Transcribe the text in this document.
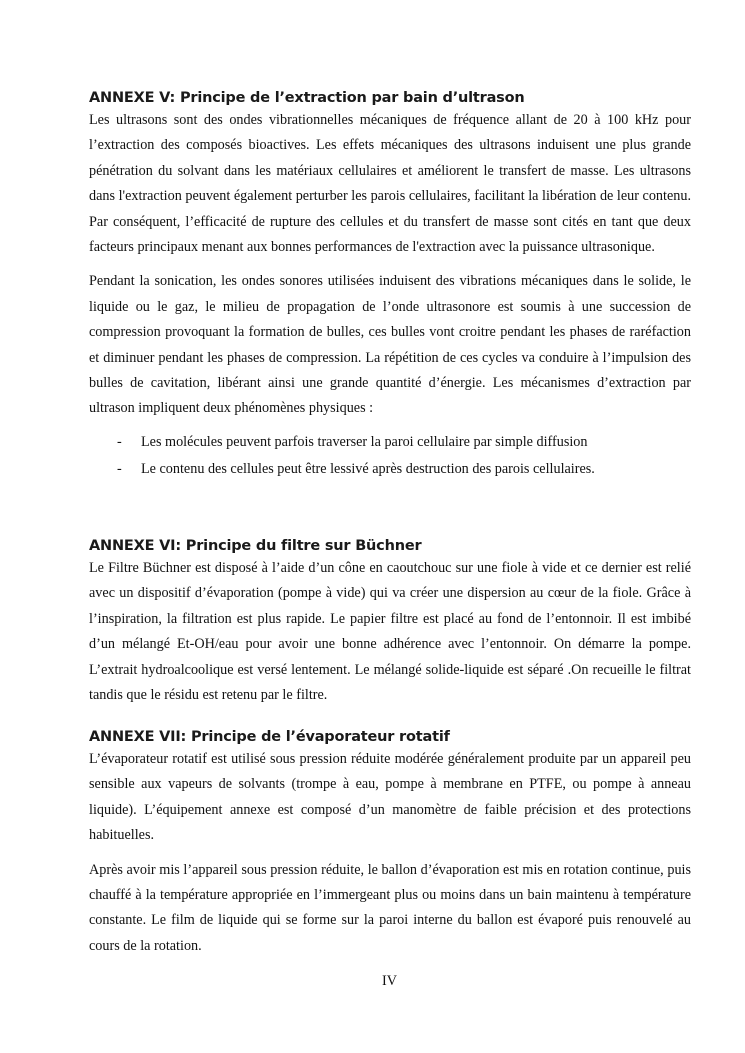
ANNEXE V: Principe de l’extraction par bain d’ultrason

Les ultrasons sont des ondes vibrationnelles mécaniques de fréquence allant de 20 à 100 kHz pour l’extraction des composés bioactives. Les effets mécaniques des ultrasons induisent une plus grande pénétration du solvant dans les matériaux cellulaires et améliorent le transfert de masse. Les ultrasons dans l'extraction peuvent également perturber les parois cellulaires, facilitant la libération de leur contenu. Par conséquent, l’efficacité de rupture des cellules et du transfert de masse sont cités en tant que deux facteurs principaux menant aux bonnes performances de l'extraction avec la puissance ultrasonique.

Pendant la sonication, les ondes sonores utilisées induisent des vibrations mécaniques dans le solide, le liquide ou le gaz, le milieu de propagation de l’onde ultrasonore est soumis à une succession de compression provoquant la formation de bulles, ces bulles vont croitre pendant les phases de raréfaction et diminuer pendant les phases de compression. La répétition de ces cycles va conduire à l’impulsion des bulles de cavitation, libérant ainsi une grande quantité d’énergie. Les mécanismes d’extraction par ultrason impliquent deux phénomènes physiques :

- Les molécules peuvent parfois traverser la paroi cellulaire par simple diffusion
- Le contenu des cellules peut être lessivé après destruction des parois cellulaires.
ANNEXE VI: Principe du filtre sur Büchner

Le Filtre Büchner est disposé à l’aide d’un cône en caoutchouc sur une fiole à vide et ce dernier est relié avec un dispositif d’évaporation (pompe à vide) qui va créer une dispersion au cœur de la fiole. Grâce à l’inspiration, la filtration est plus rapide. Le papier filtre est placé au fond de l’entonnoir. Il est imbibé d’un mélangé Et-OH/eau pour avoir une bonne adhérence avec l’entonnoir. On démarre la pompe. L’extrait hydroalcoolique est versé lentement. Le mélangé solide-liquide est séparé .On recueille le filtrat tandis que le résidu est retenu par le filtre.

ANNEXE VII: Principe de l’évaporateur rotatif

L’évaporateur rotatif est utilisé sous pression réduite modérée généralement produite par un appareil peu sensible aux vapeurs de solvants (trompe à eau, pompe à membrane en PTFE, ou pompe à anneau liquide). L’équipement annexe est composé d’un manomètre de faible précision et des protections habituelles.

Après avoir mis l’appareil sous pression réduite, le ballon d’évaporation est mis en rotation continue, puis chauffé à la température appropriée en l’immergeant plus ou moins dans un bain maintenu à température constante. Le film de liquide qui se forme sur la paroi interne du ballon est évaporé puis renouvelé au cours de la rotation.

IV
